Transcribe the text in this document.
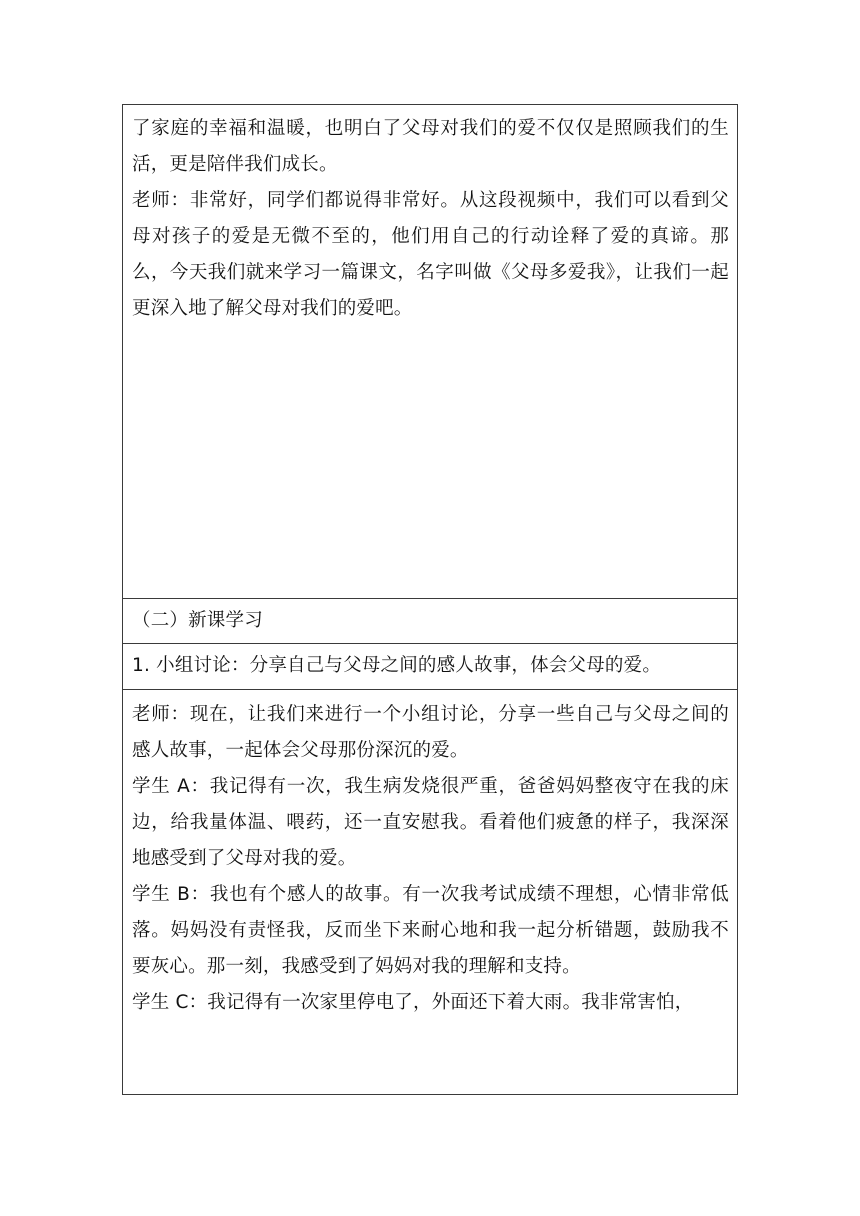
了家庭的幸福和温暖，也明白了父母对我们的爱不仅仅是照顾我们的生活，更是陪伴我们成长。

老师：非常好，同学们都说得非常好。从这段视频中，我们可以看到父母对孩子的爱是无微不至的，他们用自己的行动诠释了爱的真谛。那么，今天我们就来学习一篇课文，名字叫做《父母多爱我》，让我们一起更深入地了解父母对我们的爱吧。

（二）新课学习
1. 小组讨论：分享自己与父母之间的感人故事，体会父母的爱。

老师：现在，让我们来进行一个小组讨论，分享一些自己与父母之间的感人故事，一起体会父母那份深沉的爱。

学生 A：我记得有一次，我生病发烧很严重，爸爸妈妈整夜守在我的床边，给我量体温、喂药，还一直安慰我。看着他们疲惫的样子，我深深地感受到了父母对我的爱。

学生 B：我也有个感人的故事。有一次我考试成绩不理想，心情非常低落。妈妈没有责怪我，反而坐下来耐心地和我一起分析错题，鼓励我不要灰心。那一刻，我感受到了妈妈对我的理解和支持。

学生 C：我记得有一次家里停电了，外面还下着大雨。我非常害怕，
